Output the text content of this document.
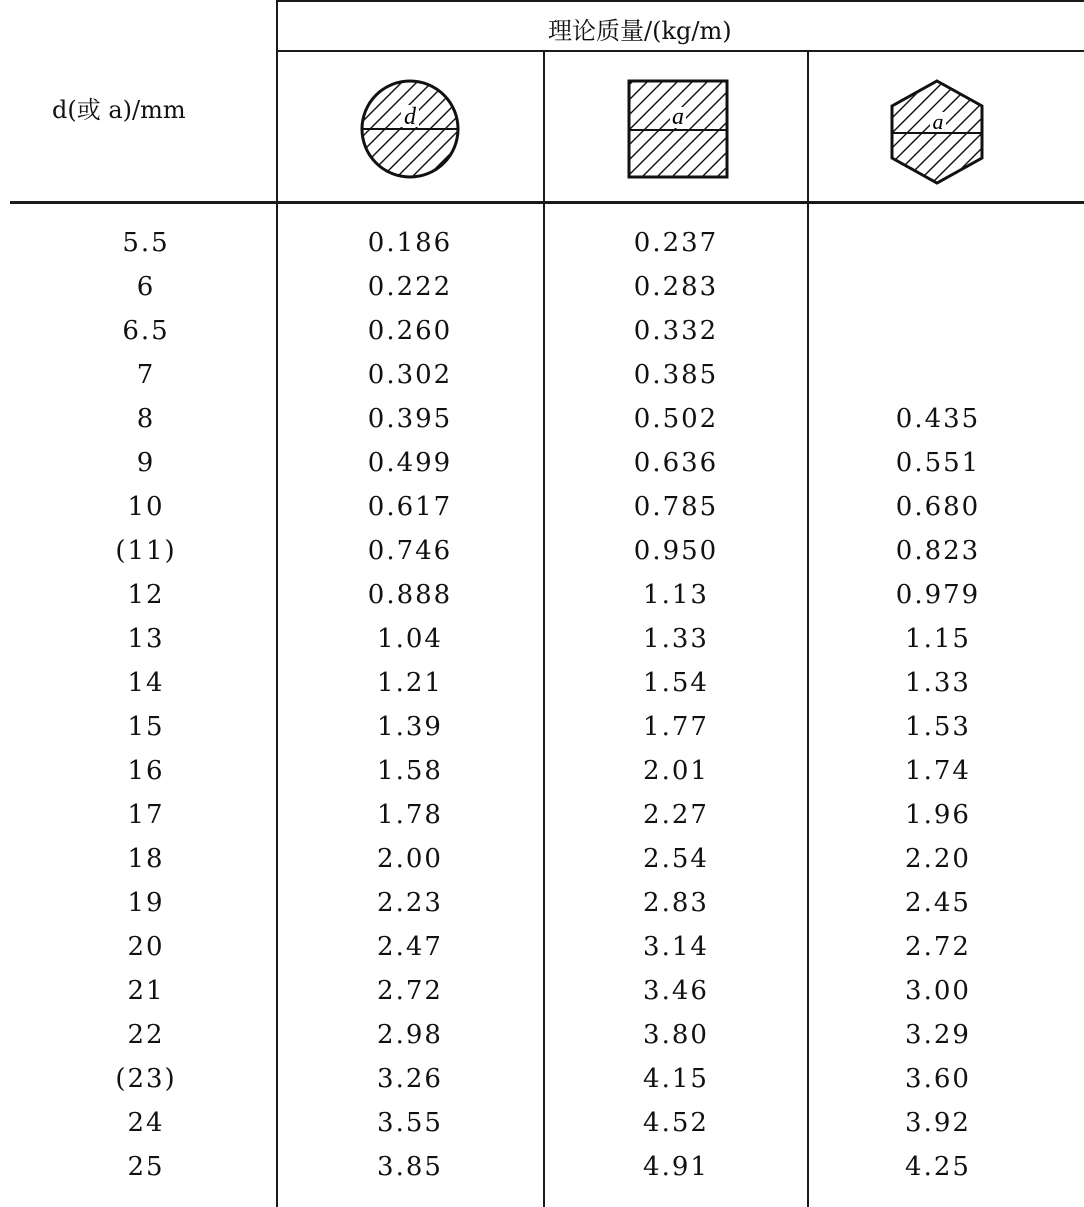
d(或 a)/mm
理论质量/(kg/m)
d	a	a
5.5	0.186	0.237
6	0.222	0.283
6.5	0.260	0.332
7	0.302	0.385
8	0.395	0.502	0.435
9	0.499	0.636	0.551
10	0.617	0.785	0.680
(11)	0.746	0.950	0.823
12	0.888	1.13	0.979
13	1.04	1.33	1.15
14	1.21	1.54	1.33
15	1.39	1.77	1.53
16	1.58	2.01	1.74
17	1.78	2.27	1.96
18	2.00	2.54	2.20
19	2.23	2.83	2.45
20	2.47	3.14	2.72
21	2.72	3.46	3.00
22	2.98	3.80	3.29
(23)	3.26	4.15	3.60
24	3.55	4.52	3.92
25	3.85	4.91	4.25
